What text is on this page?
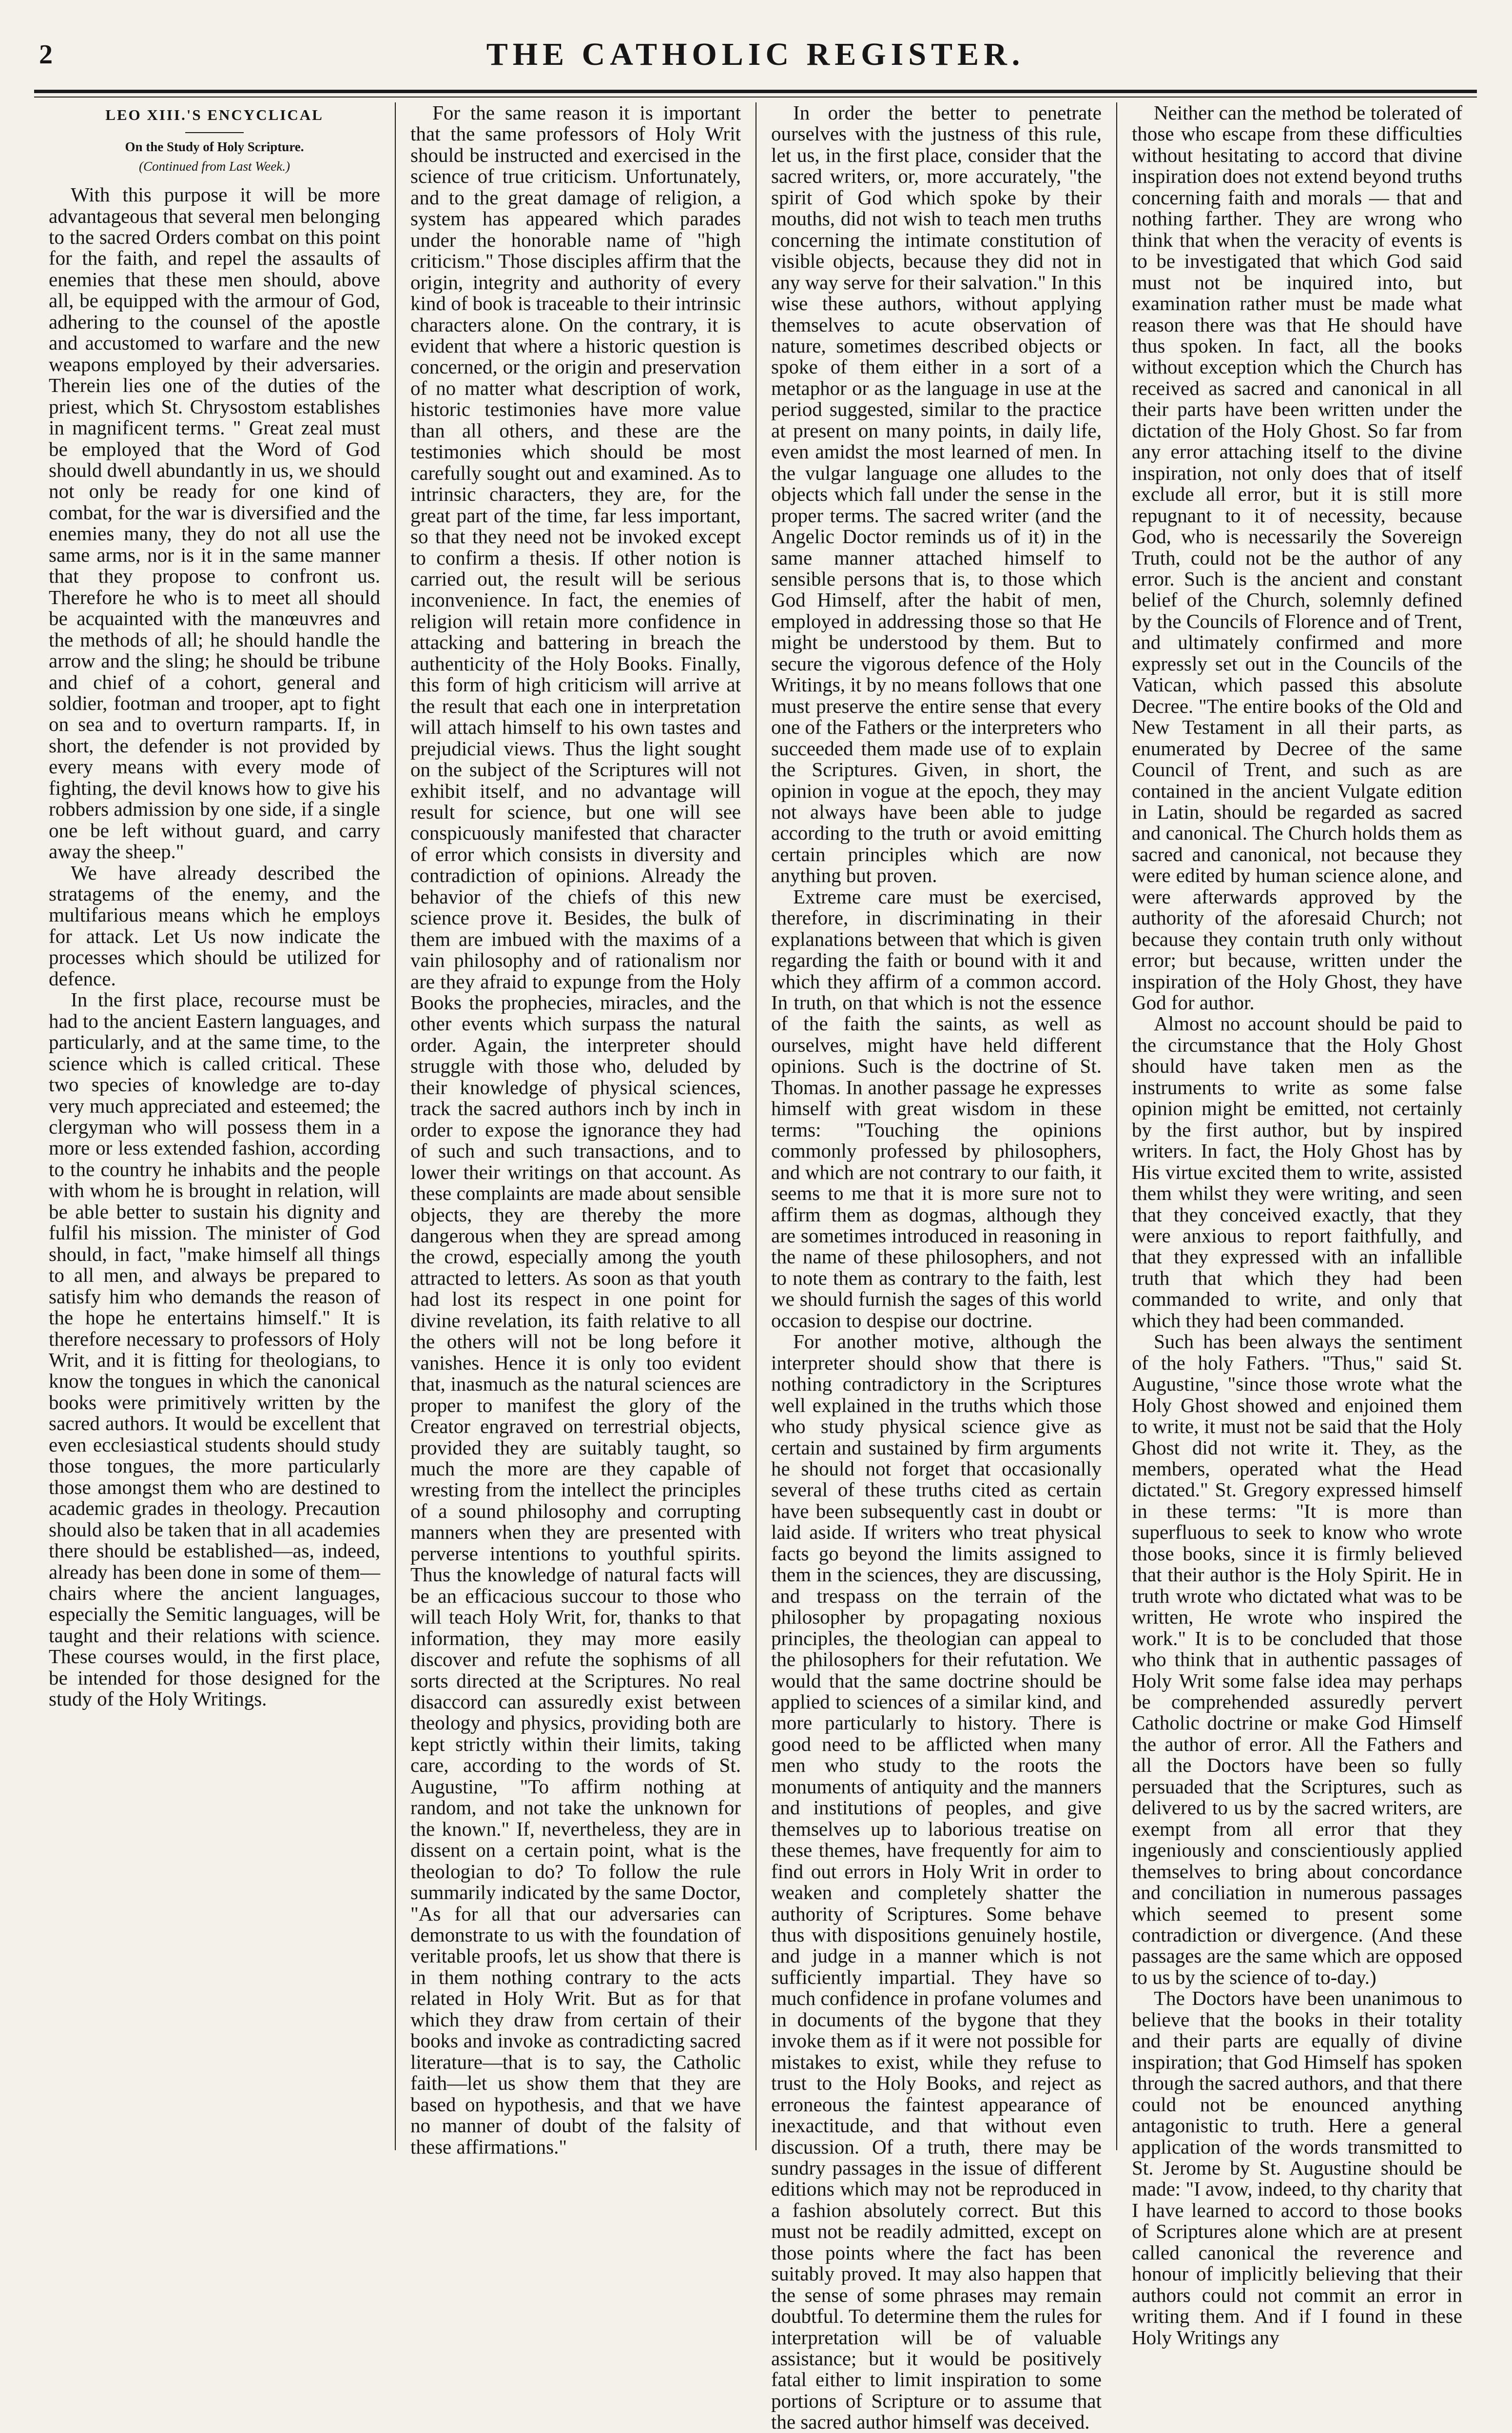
2	THE CATHOLIC REGISTER.
LEO XIII.'S ENCYCLICAL
On the Study of Holy Scripture.
(Continued from Last Week.)

With this purpose it will be more advantageous that several men belonging to the sacred Orders combat on this point for the faith, and repel the assaults of enemies that these men should, above all, be equipped with the armour of God, adhering to the counsel of the apostle and accustomed to warfare and the new weapons employed by their adversaries. Therein lies one of the duties of the priest, which St. Chrysostom establishes in magnificent terms. " Great zeal must be employed that the Word of God should dwell abundantly in us, we should not only be ready for one kind of combat, for the war is diversified and the enemies many, they do not all use the same arms, nor is it in the same manner that they propose to confront us. Therefore he who is to meet all should be acquainted with the manœuvres and the methods of all; he should handle the arrow and the sling; he should be tribune and chief of a cohort, general and soldier, footman and trooper, apt to fight on sea and to overturn ramparts. If, in short, the defender is not provided by every means with every mode of fighting, the devil knows how to give his robbers admission by one side, if a single one be left without guard, and carry away the sheep."

We have already described the stratagems of the enemy, and the multifarious means which he employs for attack. Let Us now indicate the processes which should be utilized for defence.

In the first place, recourse must be had to the ancient Eastern languages, and particularly, and at the same time, to the science which is called critical. These two species of knowledge are to-day very much appreciated and esteemed; the clergyman who will possess them in a more or less extended fashion, according to the country he inhabits and the people with whom he is brought in relation, will be able better to sustain his dignity and fulfil his mission. The minister of God should, in fact, "make himself all things to all men, and always be prepared to satisfy him who demands the reason of the hope he entertains himself." It is therefore necessary to professors of Holy Writ, and it is fitting for theologians, to know the tongues in which the canonical books were primitively written by the sacred authors. It would be excellent that even ecclesiastical students should study those tongues, the more particularly those amongst them who are destined to academic grades in theology. Precaution should also be taken that in all academies there should be established—as, indeed, already has been done in some of them—chairs where the ancient languages, especially the Semitic languages, will be taught and their relations with science. These courses would, in the first place, be intended for those designed for the study of the Holy Writings.

For the same reason it is important that the same professors of Holy Writ should be instructed and exercised in the science of true criticism. Unfortunately, and to the great damage of religion, a system has appeared which parades under the honorable name of "high criticism." Those disciples affirm that the origin, integrity and authority of every kind of book is traceable to their intrinsic characters alone. On the contrary, it is evident that where a historic question is concerned, or the origin and preservation of no matter what description of work, historic testimonies have more value than all others, and these are the testimonies which should be most carefully sought out and examined. As to intrinsic characters, they are, for the great part of the time, far less important, so that they need not be invoked except to confirm a thesis. If other notion is carried out, the result will be serious inconvenience. In fact, the enemies of religion will retain more confidence in attacking and battering in breach the authenticity of the Holy Books. Finally, this form of high criticism will arrive at the result that each one in interpretation will attach himself to his own tastes and prejudicial views. Thus the light sought on the subject of the Scriptures will not exhibit itself, and no advantage will result for science, but one will see conspicuously manifested that character of error which consists in diversity and contradiction of opinions. Already the behavior of the chiefs of this new science prove it. Besides, the bulk of them are imbued with the maxims of a vain philosophy and of rationalism nor are they afraid to expunge from the Holy Books the prophecies, miracles, and the other events which surpass the natural order. Again, the interpreter should struggle with those who, deluded by their knowledge of physical sciences, track the sacred authors inch by inch in order to expose the ignorance they had of such and such transactions, and to lower their writings on that account. As these complaints are made about sensible objects, they are thereby the more dangerous when they are spread among the crowd, especially among the youth attracted to letters. As soon as that youth had lost its respect in one point for divine revelation, its faith relative to all the others will not be long before it vanishes. Hence it is only too evident that, inasmuch as the natural sciences are proper to manifest the glory of the Creator engraved on terrestrial objects, provided they are suitably taught, so much the more are they capable of wresting from the intellect the principles of a sound philosophy and corrupting manners when they are presented with perverse intentions to youthful spirits. Thus the knowledge of natural facts will be an efficacious succour to those who will teach Holy Writ, for, thanks to that information, they may more easily discover and refute the sophisms of all sorts directed at the Scriptures. No real disaccord can assuredly exist between theology and physics, providing both are kept strictly within their limits, taking care, according to the words of St. Augustine, "To affirm nothing at random, and not take the unknown for the known." If, nevertheless, they are in dissent on a certain point, what is the theologian to do? To follow the rule summarily indicated by the same Doctor, "As for all that our adversaries can demonstrate to us with the foundation of veritable proofs, let us show that there is in them nothing contrary to the acts related in Holy Writ. But as for that which they draw from certain of their books and invoke as contradicting sacred literature—that is to say, the Catholic faith—let us show them that they are based on hypothesis, and that we have no manner of doubt of the falsity of these affirmations."

In order the better to penetrate ourselves with the justness of this rule, let us, in the first place, consider that the sacred writers, or, more accurately, "the spirit of God which spoke by their mouths, did not wish to teach men truths concerning the intimate constitution of visible objects, because they did not in any way serve for their salvation." In this wise these authors, without applying themselves to acute observation of nature, sometimes described objects or spoke of them either in a sort of a metaphor or as the language in use at the period suggested, similar to the practice at present on many points, in daily life, even amidst the most learned of men. In the vulgar language one alludes to the objects which fall under the sense in the proper terms. The sacred writer (and the Angelic Doctor reminds us of it) in the same manner attached himself to sensible persons that is, to those which God Himself, after the habit of men, employed in addressing those so that He might be understood by them. But to secure the vigorous defence of the Holy Writings, it by no means follows that one must preserve the entire sense that every one of the Fathers or the interpreters who succeeded them made use of to explain the Scriptures. Given, in short, the opinion in vogue at the epoch, they may not always have been able to judge according to the truth or avoid emitting certain principles which are now anything but proven.

Extreme care must be exercised, therefore, in discriminating in their explanations between that which is given regarding the faith or bound with it and which they affirm of a common accord. In truth, on that which is not the essence of the faith the saints, as well as ourselves, might have held different opinions. Such is the doctrine of St. Thomas. In another passage he expresses himself with great wisdom in these terms: "Touching the opinions commonly professed by philosophers, and which are not contrary to our faith, it seems to me that it is more sure not to affirm them as dogmas, although they are sometimes introduced in reasoning in the name of these philosophers, and not to note them as contrary to the faith, lest we should furnish the sages of this world occasion to despise our doctrine.

For another motive, although the interpreter should show that there is nothing contradictory in the Scriptures well explained in the truths which those who study physical science give as certain and sustained by firm arguments he should not forget that occasionally several of these truths cited as certain have been subsequently cast in doubt or laid aside. If writers who treat physical facts go beyond the limits assigned to them in the sciences, they are discussing, and trespass on the terrain of the philosopher by propagating noxious principles, the theologian can appeal to the philosophers for their refutation. We would that the same doctrine should be applied to sciences of a similar kind, and more particularly to history. There is good need to be afflicted when many men who study to the roots the monuments of antiquity and the manners and institutions of peoples, and give themselves up to laborious treatise on these themes, have frequently for aim to find out errors in Holy Writ in order to weaken and completely shatter the authority of Scriptures. Some behave thus with dispositions genuinely hostile, and judge in a manner which is not sufficiently impartial. They have so much confidence in profane volumes and in documents of the bygone that they invoke them as if it were not possible for mistakes to exist, while they refuse to trust to the Holy Books, and reject as erroneous the faintest appearance of inexactitude, and that without even discussion. Of a truth, there may be sundry passages in the issue of different editions which may not be reproduced in a fashion absolutely correct. But this must not be readily admitted, except on those points where the fact has been suitably proved. It may also happen that the sense of some phrases may remain doubtful. To determine them the rules for interpretation will be of valuable assistance; but it would be positively fatal either to limit inspiration to some portions of Scripture or to assume that the sacred author himself was deceived.

Neither can the method be tolerated of those who escape from these difficulties without hesitating to accord that divine inspiration does not extend beyond truths concerning faith and morals — that and nothing farther. They are wrong who think that when the veracity of events is to be investigated that which God said must not be inquired into, but examination rather must be made what reason there was that He should have thus spoken. In fact, all the books without exception which the Church has received as sacred and canonical in all their parts have been written under the dictation of the Holy Ghost. So far from any error attaching itself to the divine inspiration, not only does that of itself exclude all error, but it is still more repugnant to it of necessity, because God, who is necessarily the Sovereign Truth, could not be the author of any error. Such is the ancient and constant belief of the Church, solemnly defined by the Councils of Florence and of Trent, and ultimately confirmed and more expressly set out in the Councils of the Vatican, which passed this absolute Decree. "The entire books of the Old and New Testament in all their parts, as enumerated by Decree of the same Council of Trent, and such as are contained in the ancient Vulgate edition in Latin, should be regarded as sacred and canonical. The Church holds them as sacred and canonical, not because they were edited by human science alone, and were afterwards approved by the authority of the aforesaid Church; not because they contain truth only without error; but because, written under the inspiration of the Holy Ghost, they have God for author.

Almost no account should be paid to the circumstance that the Holy Ghost should have taken men as the instruments to write as some false opinion might be emitted, not certainly by the first author, but by inspired writers. In fact, the Holy Ghost has by His virtue excited them to write, assisted them whilst they were writing, and seen that they conceived exactly, that they were anxious to report faithfully, and that they expressed with an infallible truth that which they had been commanded to write, and only that which they had been commanded.

Such has been always the sentiment of the holy Fathers. "Thus," said St. Augustine, "since those wrote what the Holy Ghost showed and enjoined them to write, it must not be said that the Holy Ghost did not write it. They, as the members, operated what the Head dictated." St. Gregory expressed himself in these terms: "It is more than superfluous to seek to know who wrote those books, since it is firmly believed that their author is the Holy Spirit. He in truth wrote who dictated what was to be written, He wrote who inspired the work." It is to be concluded that those who think that in authentic passages of Holy Writ some false idea may perhaps be comprehended assuredly pervert Catholic doctrine or make God Himself the author of error. All the Fathers and all the Doctors have been so fully persuaded that the Scriptures, such as delivered to us by the sacred writers, are exempt from all error that they ingeniously and conscientiously applied themselves to bring about concordance and conciliation in numerous passages which seemed to present some contradiction or divergence. (And these passages are the same which are opposed to us by the science of to-day.)

The Doctors have been unanimous to believe that the books in their totality and their parts are equally of divine inspiration; that God Himself has spoken through the sacred authors, and that there could not be enounced anything antagonistic to truth. Here a general application of the words transmitted to St. Jerome by St. Augustine should be made: "I avow, indeed, to thy charity that I have learned to accord to those books of Scriptures alone which are at present called canonical the reverence and honour of implicitly believing that their authors could not commit an error in writing them. And if I found in these Holy Writings any
